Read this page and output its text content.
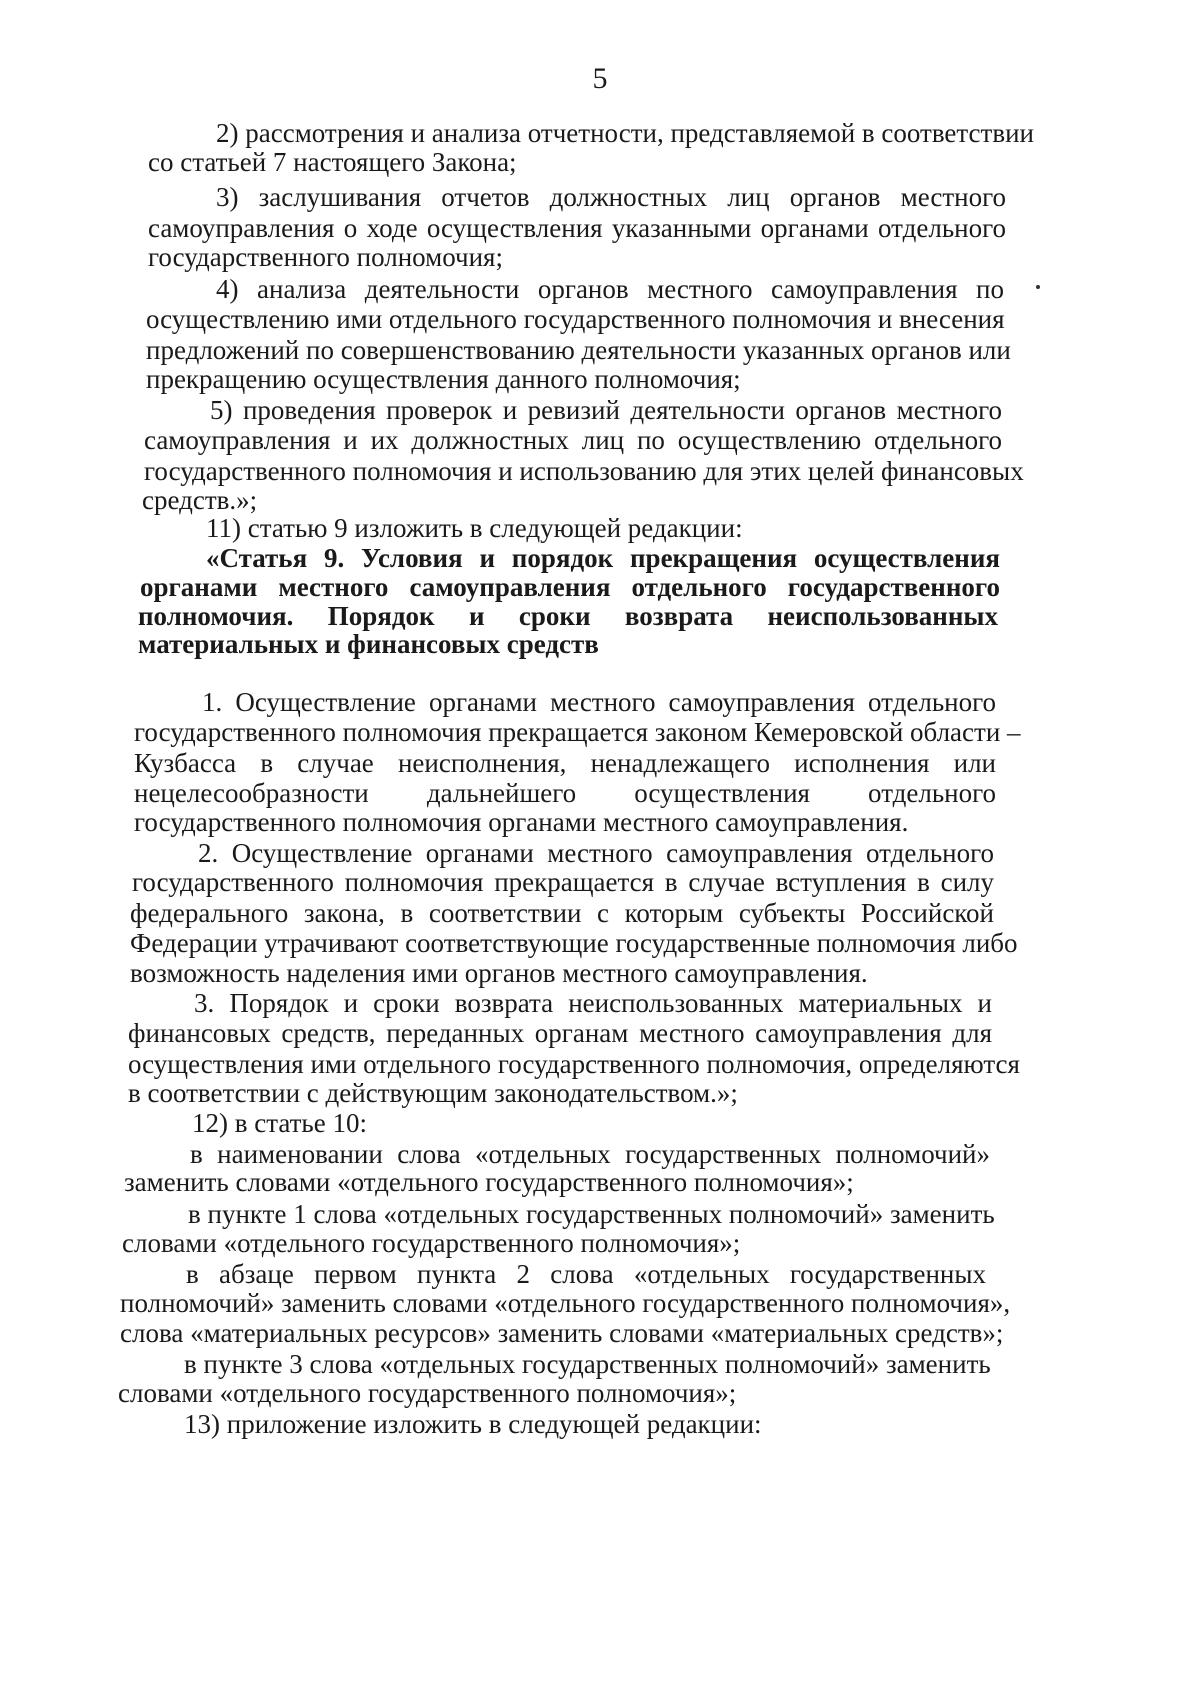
5
2) рассмотрения и анализа отчетности, представляемой в соответствии
со статьей 7 настоящего Закона;
3) заслушивания отчетов должностных лиц органов местного
самоуправления о ходе осуществления указанными органами отдельного
государственного полномочия;
4) анализа деятельности органов местного самоуправления по
осуществлению ими отдельного государственного полномочия и внесения
предложений по совершенствованию деятельности указанных органов или
прекращению осуществления данного полномочия;
5) проведения проверок и ревизий деятельности органов местного
самоуправления и их должностных лиц по осуществлению отдельного
государственного полномочия и использованию для этих целей финансовых
средств.»;
11) статью 9 изложить в следующей редакции:
«Статья 9. Условия и порядок прекращения осуществления
органами местного самоуправления отдельного государственного
полномочия. Порядок и сроки возврата неиспользованных
материальных и финансовых средств
1. Осуществление органами местного самоуправления отдельного
государственного полномочия прекращается законом Кемеровской области –
Кузбасса в случае неисполнения, ненадлежащего исполнения или
нецелесообразности дальнейшего осуществления отдельного
государственного полномочия органами местного самоуправления.
2. Осуществление органами местного самоуправления отдельного
государственного полномочия прекращается в случае вступления в силу
федерального закона, в соответствии с которым субъекты Российской
Федерации утрачивают соответствующие государственные полномочия либо
возможность наделения ими органов местного самоуправления.
3. Порядок и сроки возврата неиспользованных материальных и
финансовых средств, переданных органам местного самоуправления для
осуществления ими отдельного государственного полномочия, определяются
в соответствии с действующим законодательством.»;
12) в статье 10:
в наименовании слова «отдельных государственных полномочий»
заменить словами «отдельного государственного полномочия»;
в пункте 1 слова «отдельных государственных полномочий» заменить
словами «отдельного государственного полномочия»;
в абзаце первом пункта 2 слова «отдельных государственных
полномочий» заменить словами «отдельного государственного полномочия»,
слова «материальных ресурсов» заменить словами «материальных средств»;
в пункте 3 слова «отдельных государственных полномочий» заменить
словами «отдельного государственного полномочия»;
13) приложение изложить в следующей редакции:
